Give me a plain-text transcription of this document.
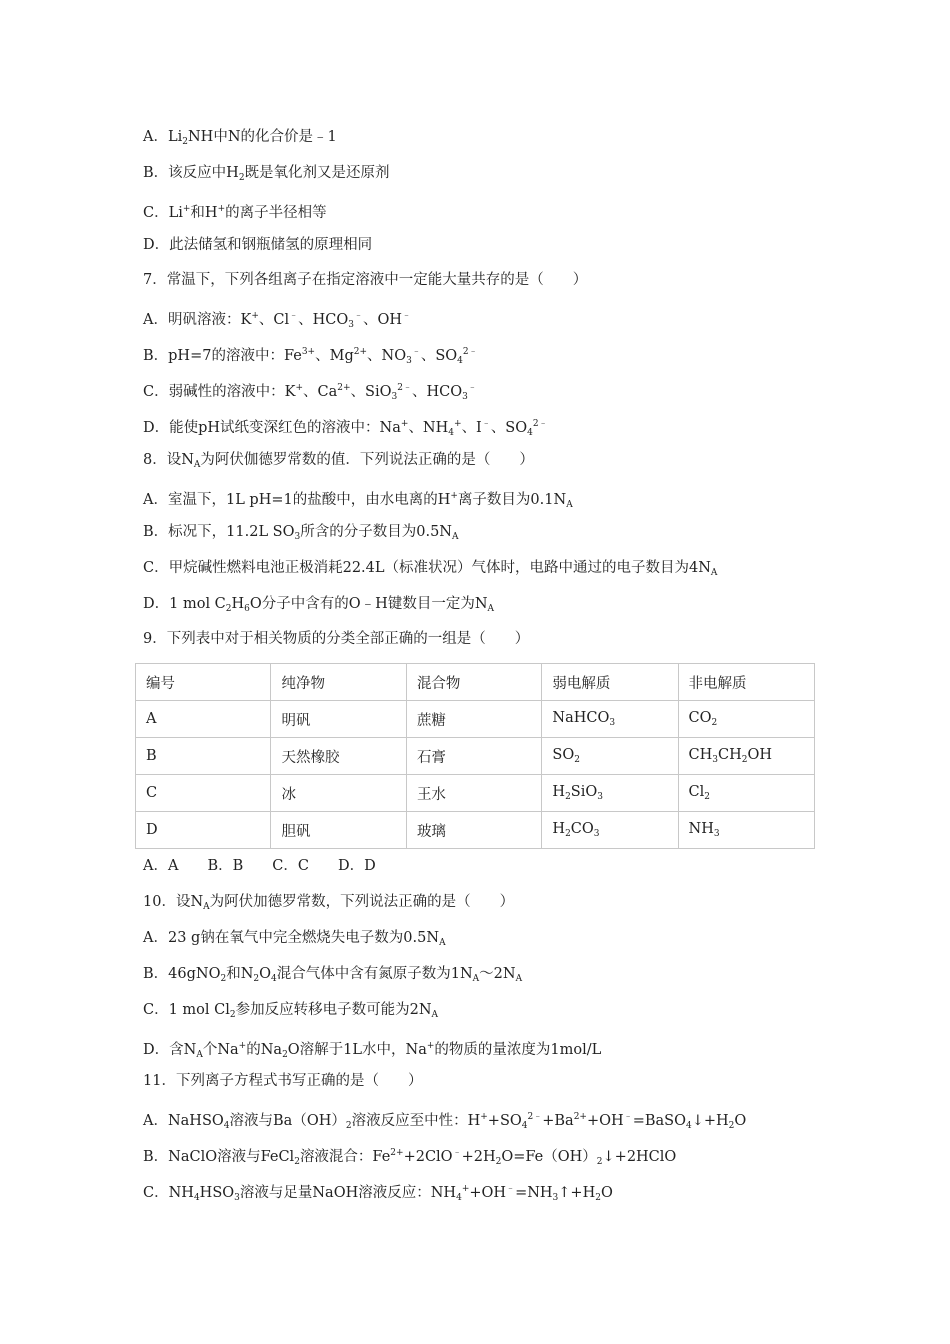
A．$Li_2NH$中N的化合价是﹣1
B．该反应中$H_2$既是氧化剂又是还原剂
C．Li+和H+的离子半径相等
D．此法储氢和钢瓶储氢的原理相同
7．常温下，下列各组离子在指定溶液中一定能大量共存的是（　　）
A．明矾溶液：K+、Cl﹣、$HCO_3^﹣$、OH﹣
B．pH=7的溶液中：$Fe^{3+}$、$Mg^{2+}$、$NO_3^﹣$、$SO_4^{2﹣}$
C．弱碱性的溶液中：K+、$Ca^{2+}$、SiO$_3^{2﹣}$、$HCO_3^﹣$
D．能使pH试纸变深红色的溶液中：Na+、$NH_4^+$、I﹣、$SO_4^{2﹣}$
8．设$N_A$为阿伏伽德罗常数的值．下列说法正确的是（　　）
A．室温下，1L pH=1的盐酸中，由水电离的H+离子数目为$0.1N_A$
B．标况下，11.2L $SO_3$所含的分子数目为$0.5N_A$
C．甲烷碱性燃料电池正极消耗22.4L（标准状况）气体时，电路中通过的电子数目为$4N_A$
D．1 mol $C_2H_6O$分子中含有的O﹣H键数目一定为$N_A$
9．下列表中对于相关物质的分类全部正确的一组是（　　）
编号	纯净物	混合物	弱电解质	非电解质
A	明矾	蔗糖	NaHCO$_3$	$CO_2$
B	天然橡胶	石膏	$SO_2$	$CH_3CH_2OH$
C	冰	王水	$H_2SiO_3$	$Cl_2$
D	胆矾	玻璃	$H_2CO_3$	$NH_3$
A．A　　B．B　　C．C　　D．D
10．设$N_A$为阿伏加德罗常数，下列说法正确的是（　　）
A．23 g钠在氧气中完全燃烧失电子数为$0.5N_A$
B．46gNO$_2$和$N_2O_4$混合气体中含有氮原子数为$1N_A\sim 2N_A$
C．1 mol $Cl_2$参加反应转移电子数可能为$2N_A$
D．含$N_A$个Na+的$Na_2O$溶解于1L水中，Na+的物质的量浓度为1mol/L
11．下列离子方程式书写正确的是（　　）
A．NaHSO$_4$溶液与$Ba(OH)_2$溶液反应至中性：$H^++SO_4^{2﹣}+Ba^{2+}+OH^﹣=BaSO_4↓+H_2O$
B．NaClO溶液与FeCl$_2$溶液混合：$Fe^{2+}+2ClO^﹣+2H_2O=Fe(OH)_2↓+2HClO$
C．$NH_4HSO_3$溶液与足量NaOH溶液反应：$NH_4^++OH^﹣=NH_3↑+H_2O$
